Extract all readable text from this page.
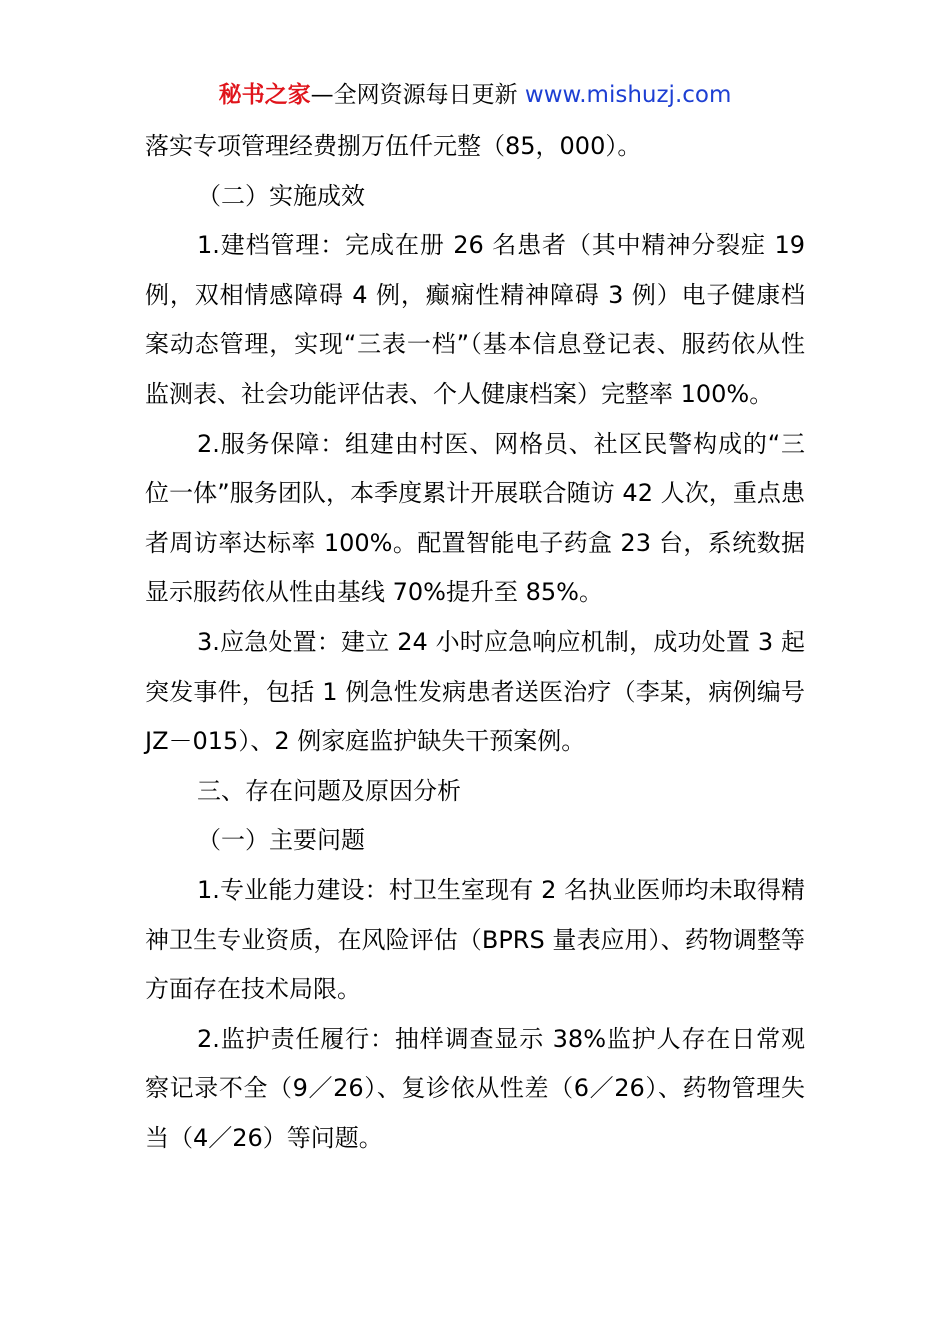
秘书之家—全网资源每日更新 www.mishuzj.com

落实专项管理经费捌万伍仟元整（85，000）。

（二）实施成效

1.建档管理：完成在册 26 名患者（其中精神分裂症 19 例，双相情感障碍 4 例，癫痫性精神障碍 3 例）电子健康档案动态管理，实现“三表一档”（基本信息登记表、服药依从性监测表、社会功能评估表、个人健康档案）完整率 100%。

2.服务保障：组建由村医、网格员、社区民警构成的“三位一体”服务团队，本季度累计开展联合随访 42 人次，重点患者周访率达标率 100%。配置智能电子药盒 23 台，系统数据显示服药依从性由基线 70%提升至 85%。

3.应急处置：建立 24 小时应急响应机制，成功处置 3 起突发事件，包括 1 例急性发病患者送医治疗（李某，病例编号 JZ－015）、2 例家庭监护缺失干预案例。

三、存在问题及原因分析

（一）主要问题

1.专业能力建设：村卫生室现有 2 名执业医师均未取得精神卫生专业资质，在风险评估（BPRS 量表应用）、药物调整等方面存在技术局限。

2.监护责任履行：抽样调查显示 38%监护人存在日常观察记录不全（9／26）、复诊依从性差（6／26）、药物管理失当（4／26）等问题。
